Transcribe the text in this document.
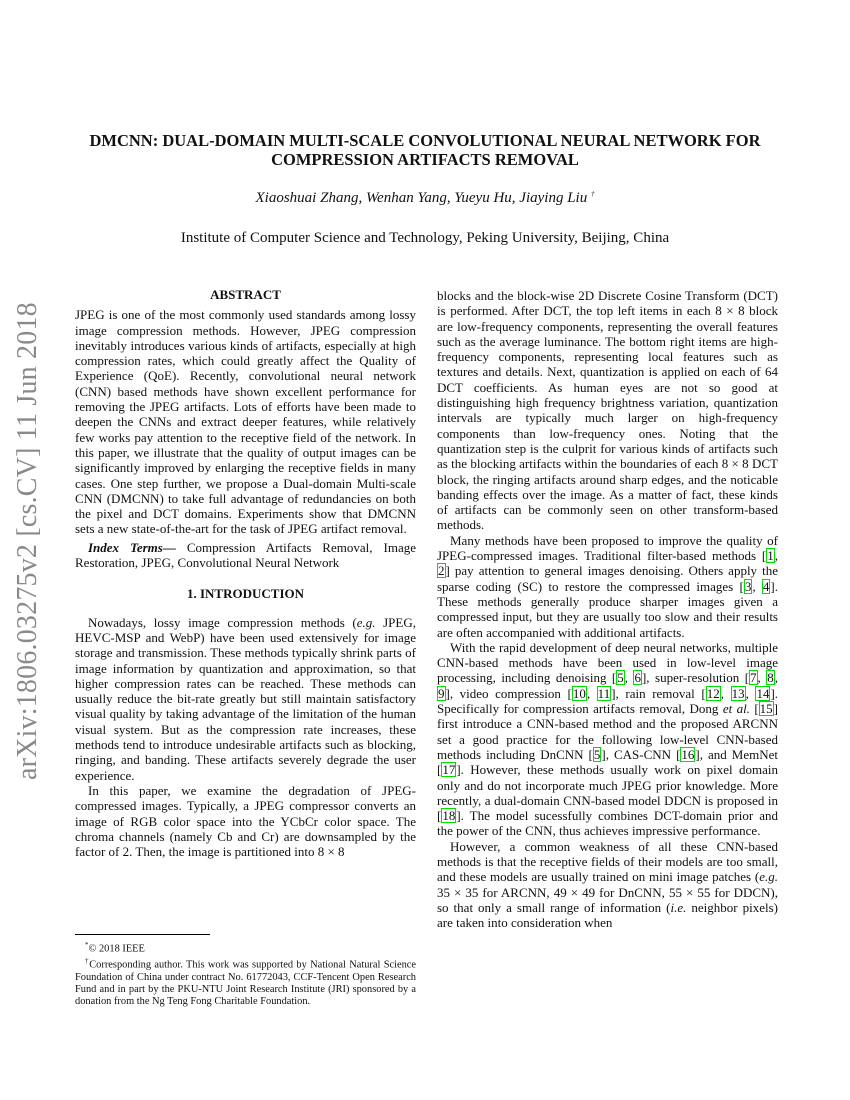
arXiv:1806.03275v2 [cs.CV] 11 Jun 2018
DMCNN: DUAL-DOMAIN MULTI-SCALE CONVOLUTIONAL NEURAL NETWORK FOR COMPRESSION ARTIFACTS REMOVAL
Xiaoshuai Zhang, Wenhan Yang, Yueyu Hu, Jiaying Liu †
Institute of Computer Science and Technology, Peking University, Beijing, China
ABSTRACT

JPEG is one of the most commonly used standards among lossy image compression methods. However, JPEG compression inevitably introduces various kinds of artifacts, especially at high compression rates, which could greatly affect the Quality of Experience (QoE). Recently, convolutional neural network (CNN) based methods have shown excellent performance for removing the JPEG artifacts. Lots of efforts have been made to deepen the CNNs and extract deeper features, while relatively few works pay attention to the receptive field of the network. In this paper, we illustrate that the quality of output images can be significantly improved by enlarging the receptive fields in many cases. One step further, we propose a Dual-domain Multi-scale CNN (DMCNN) to take full advantage of redundancies on both the pixel and DCT domains. Experiments show that DMCNN sets a new state-of-the-art for the task of JPEG artifact removal.

Index Terms— Compression Artifacts Removal, Image Restoration, JPEG, Convolutional Neural Network

1. INTRODUCTION

Nowadays, lossy image compression methods (e.g. JPEG, HEVC-MSP and WebP) have been used extensively for image storage and transmission. These methods typically shrink parts of image information by quantization and approximation, so that higher compression rates can be reached. These methods can usually reduce the bit-rate greatly but still maintain satisfactory visual quality by taking advantage of the limitation of the human visual system. But as the compression rate increases, these methods tend to introduce undesirable artifacts such as blocking, ringing, and banding. These artifacts severely degrade the user experience.

In this paper, we examine the degradation of JPEG-compressed images. Typically, a JPEG compressor converts an image of RGB color space into the YCbCr color space. The chroma channels (namely Cb and Cr) are downsampled by the factor of 2. Then, the image is partitioned into 8 × 8

blocks and the block-wise 2D Discrete Cosine Transform (DCT) is performed. After DCT, the top left items in each 8 × 8 block are low-frequency components, representing the overall features such as the average luminance. The bottom right items are high-frequency components, representing local features such as textures and details. Next, quantization is applied on each of 64 DCT coefficients. As human eyes are not so good at distinguishing high frequency brightness variation, quantization intervals are typically much larger on high-frequency components than low-frequency ones. Noting that the quantization step is the culprit for various kinds of artifacts such as the blocking artifacts within the boundaries of each 8 × 8 DCT block, the ringing artifacts around sharp edges, and the noticable banding effects over the image. As a matter of fact, these kinds of artifacts can be commonly seen on other transform-based methods.

Many methods have been proposed to improve the quality of JPEG-compressed images. Traditional filter-based methods [1, 2] pay attention to general images denoising. Others apply the sparse coding (SC) to restore the compressed images [3, 4]. These methods generally produce sharper images given a compressed input, but they are usually too slow and their results are often accompanied with additional artifacts.

With the rapid development of deep neural networks, multiple CNN-based methods have been used in low-level image processing, including denoising [5, 6], super-resolution [7, 8, 9], video compression [10, 11], rain removal [12, 13, 14]. Specifically for compression artifacts removal, Dong et al. [15] first introduce a CNN-based method and the proposed ARCNN set a good practice for the following low-level CNN-based methods including DnCNN [5], CAS-CNN [16], and MemNet [17]. However, these methods usually work on pixel domain only and do not incorporate much JPEG prior knowledge. More recently, a dual-domain CNN-based model DDCN is proposed in [18]. The model sucessfully combines DCT-domain prior and the power of the CNN, thus achieves impressive performance.

However, a common weakness of all these CNN-based methods is that the receptive fields of their models are too small, and these models are usually trained on mini image patches (e.g. 35 × 35 for ARCNN, 49 × 49 for DnCNN, 55 × 55 for DDCN), so that only a small range of information (i.e. neighbor pixels) are taken into consideration when

*© 2018 IEEE

†Corresponding author. This work was supported by National Natural Science Foundation of China under contract No. 61772043, CCF-Tencent Open Research Fund and in part by the PKU-NTU Joint Research Institute (JRI) sponsored by a donation from the Ng Teng Fong Charitable Foundation.
